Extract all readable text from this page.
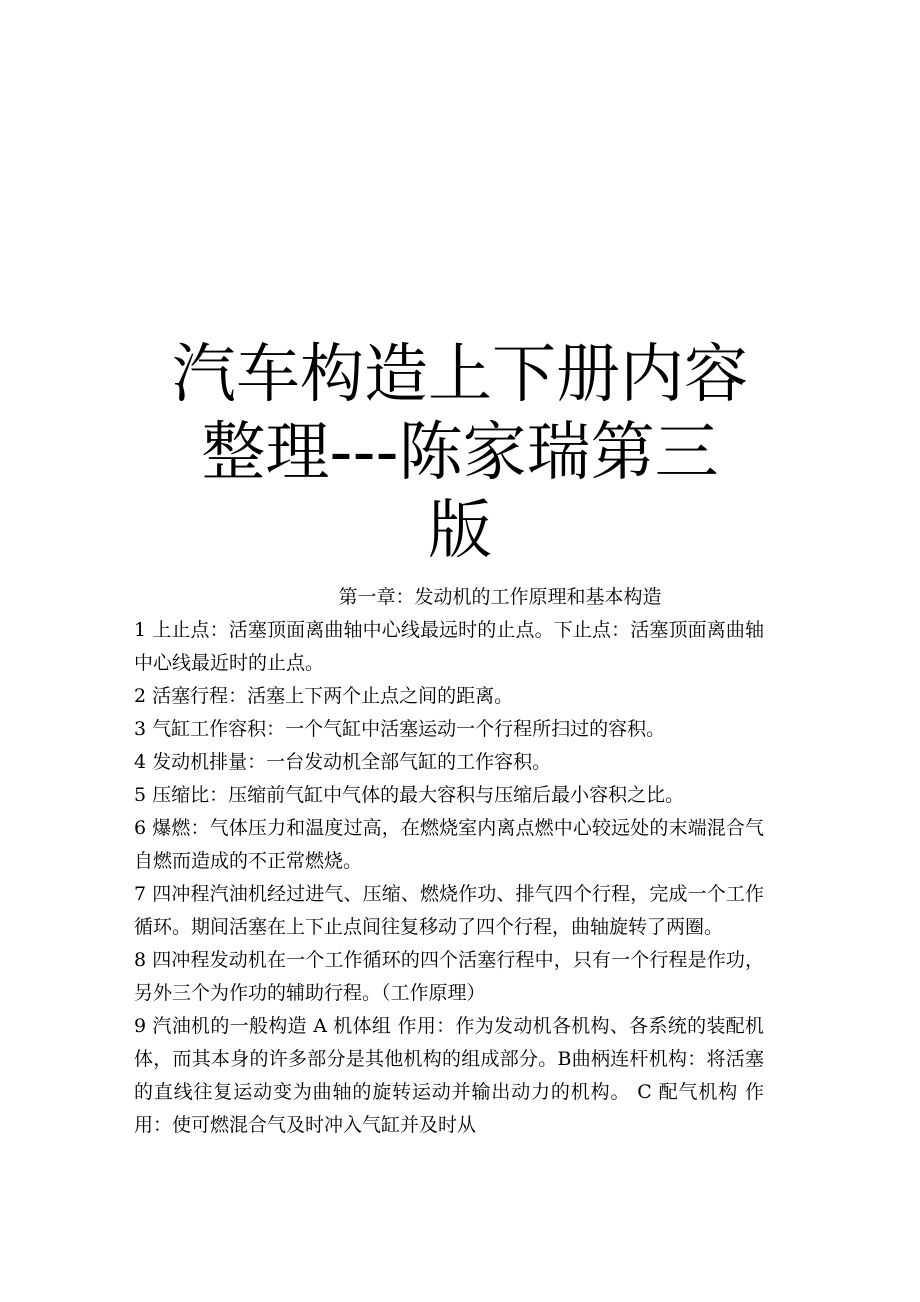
汽车构造上下册内容
整理---陈家瑞第三
版

第一章：发动机的工作原理和基本构造

1 上止点：活塞顶面离曲轴中心线最远时的止点。下止点：活塞顶面离曲轴中心线最近时的止点。

2 活塞行程：活塞上下两个止点之间的距离。

3 气缸工作容积：一个气缸中活塞运动一个行程所扫过的容积。

4 发动机排量：一台发动机全部气缸的工作容积。

5 压缩比：压缩前气缸中气体的最大容积与压缩后最小容积之比。

6 爆燃：气体压力和温度过高，在燃烧室内离点燃中心较远处的末端混合气自燃而造成的不正常燃烧。

7 四冲程汽油机经过进气、压缩、燃烧作功、排气四个行程，完成一个工作循环。期间活塞在上下止点间往复移动了四个行程，曲轴旋转了两圈。

8 四冲程发动机在一个工作循环的四个活塞行程中，只有一个行程是作功，另外三个为作功的辅助行程。（工作原理）

9 汽油机的一般构造 A 机体组 作用：作为发动机各机构、各系统的装配机体，而其本身的许多部分是其他机构的组成部分。B曲柄连杆机构：将活塞的直线往复运动变为曲轴的旋转运动并输出动力的机构。 C 配气机构 作用：使可燃混合气及时冲入气缸并及时从
